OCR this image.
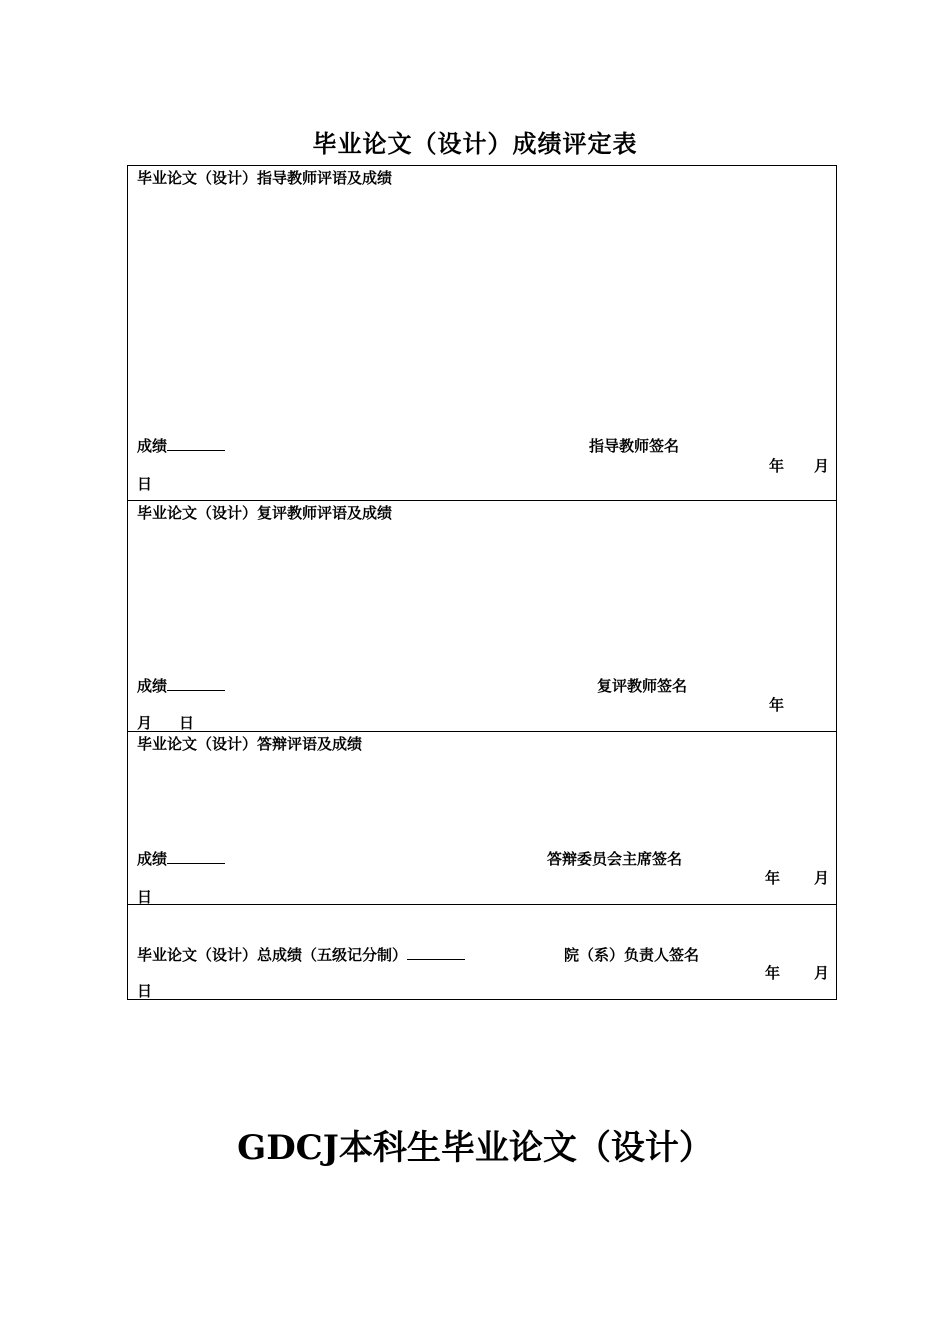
毕业论文（设计）成绩评定表
毕业论文（设计）指导教师评语及成绩
成绩	指导教师签名
年 月
日
毕业论文（设计）复评教师评语及成绩
成绩	复评教师签名
年
月 日
毕业论文（设计）答辩评语及成绩
成绩	答辩委员会主席签名
年 月
日
毕业论文（设计）总成绩（五级记分制）	院（系）负责人签名
年 月
日
GDCJ本科生毕业论文（设计）
